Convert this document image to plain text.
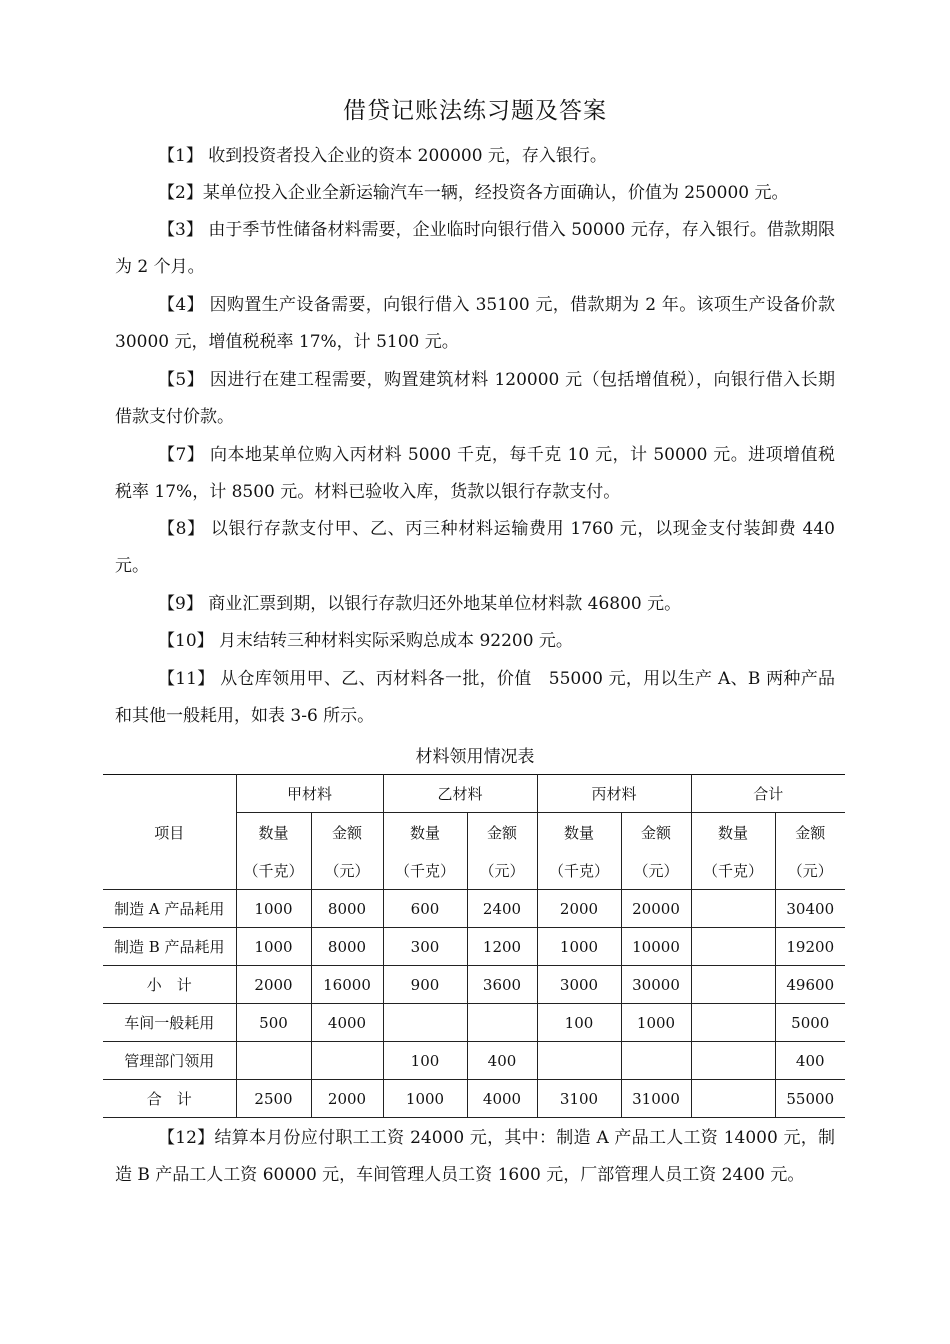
借贷记账法练习题及答案
【1】 收到投资者投入企业的资本 200000 元，存入银行。
【2】某单位投入企业全新运输汽车一辆，经投资各方面确认，价值为 250000 元。
【3】 由于季节性储备材料需要，企业临时向银行借入 50000 元存，存入银行。借款期限为 2 个月。
【4】 因购置生产设备需要，向银行借入 35100 元，借款期为 2 年。该项生产设备价款 30000 元，增值税税率 17%，计 5100 元。
【5】 因进行在建工程需要，购置建筑材料 120000 元（包括增值税），向银行借入长期借款支付价款。
【7】 向本地某单位购入丙材料 5000 千克，每千克 10 元，计 50000 元。进项增值税税率 17%，计 8500 元。材料已验收入库，货款以银行存款支付。
【8】 以银行存款支付甲、乙、丙三种材料运输费用 1760 元，以现金支付装卸费 440 元。
【9】 商业汇票到期，以银行存款归还外地某单位材料款 46800 元。
【10】 月末结转三种材料实际采购总成本 92200 元。
【11】 从仓库领用甲、乙、丙材料各一批，价值　55000 元，用以生产 A、B 两种产品和其他一般耗用，如表 3-6 所示。
材料领用情况表
项目	甲材料		乙材料		丙材料		合计	
	数量	金额	数量	金额	数量	金额	数量	金额
	（千克）	（元）	（千克）	（元）	（千克）	（元）	（千克）	（元）
制造 A 产品耗用	1000	8000	600	2400	2000	20000		30400
制造 B 产品耗用	1000	8000	300	1200	1000	10000		19200
小　计	2000	16000	900	3600	3000	30000		49600
车间一般耗用	500	4000			100	1000		5000
管理部门领用			100	400				400
合　计	2500	2000	1000	4000	3100	31000		55000
【12】结算本月份应付职工工资 24000 元，其中：制造 A 产品工人工资 14000 元，制造 B 产品工人工资 60000 元，车间管理人员工资 1600 元，厂部管理人员工资 2400 元。
